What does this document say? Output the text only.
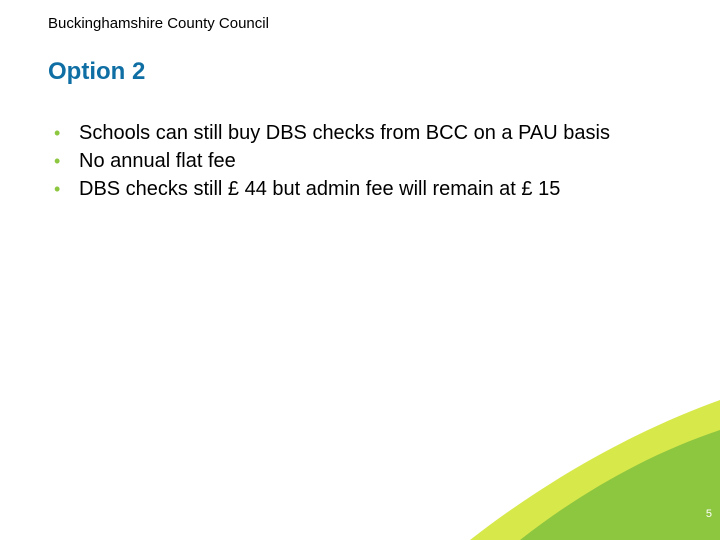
Buckinghamshire County Council
Option 2
• Schools can still buy DBS checks from BCC on a PAU basis
• No annual flat fee
• DBS checks still £ 44 but admin fee will remain at £ 15
5
